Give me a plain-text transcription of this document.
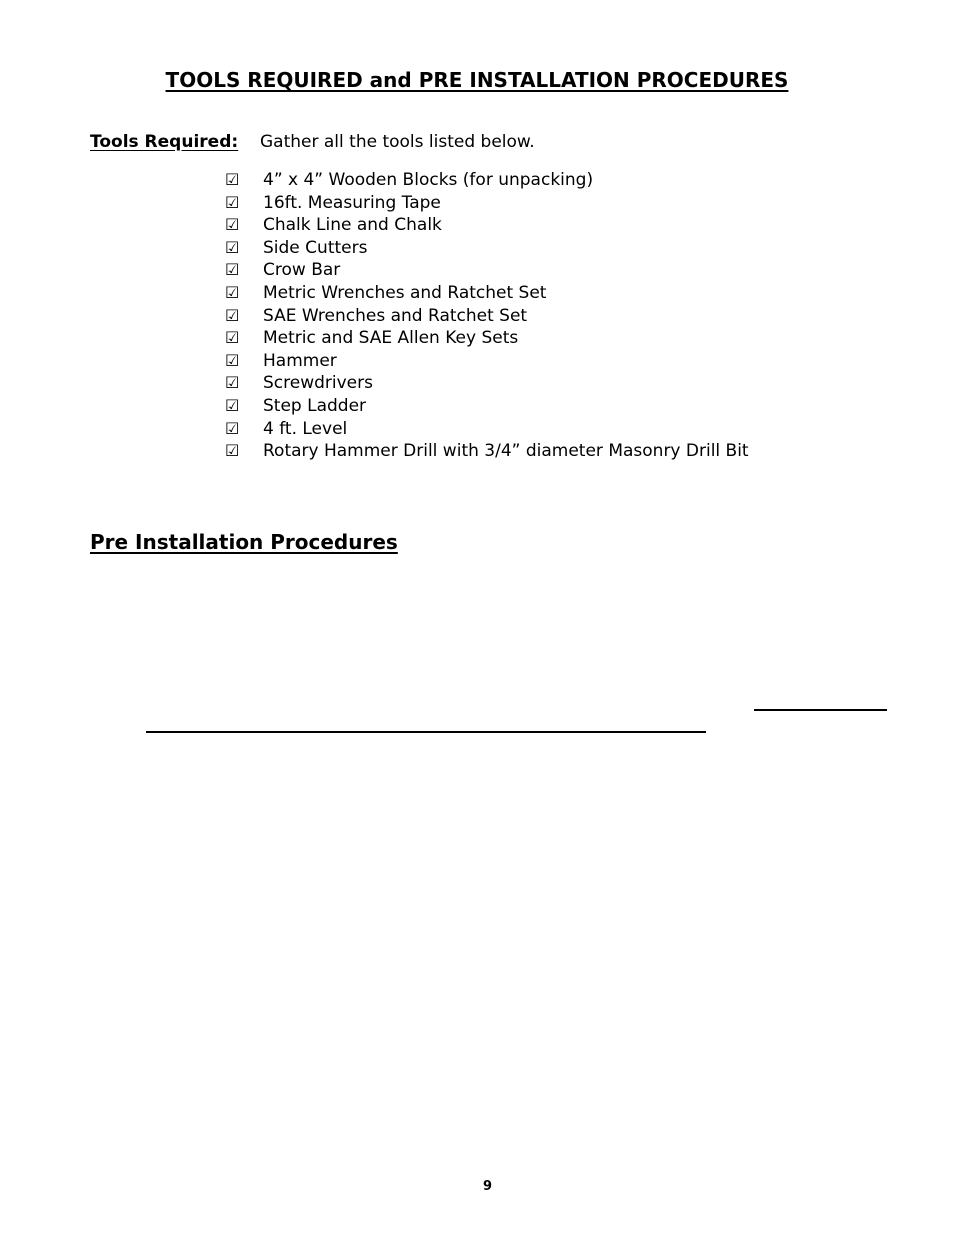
TOOLS REQUIRED and PRE INSTALLATION PROCEDURES
Tools Required: Gather all the tools listed below.
☑ 4” x 4” Wooden Blocks (for unpacking)
☑ 16ft. Measuring Tape
☑ Chalk Line and Chalk
☑ Side Cutters
☑ Crow Bar
☑ Metric Wrenches and Ratchet Set
☑ SAE Wrenches and Ratchet Set
☑ Metric and SAE Allen Key Sets
☑ Hammer
☑ Screwdrivers
☑ Step Ladder
☑ 4 ft. Level
☑ Rotary Hammer Drill with 3/4” diameter Masonry Drill Bit
Pre Installation Procedures
9
